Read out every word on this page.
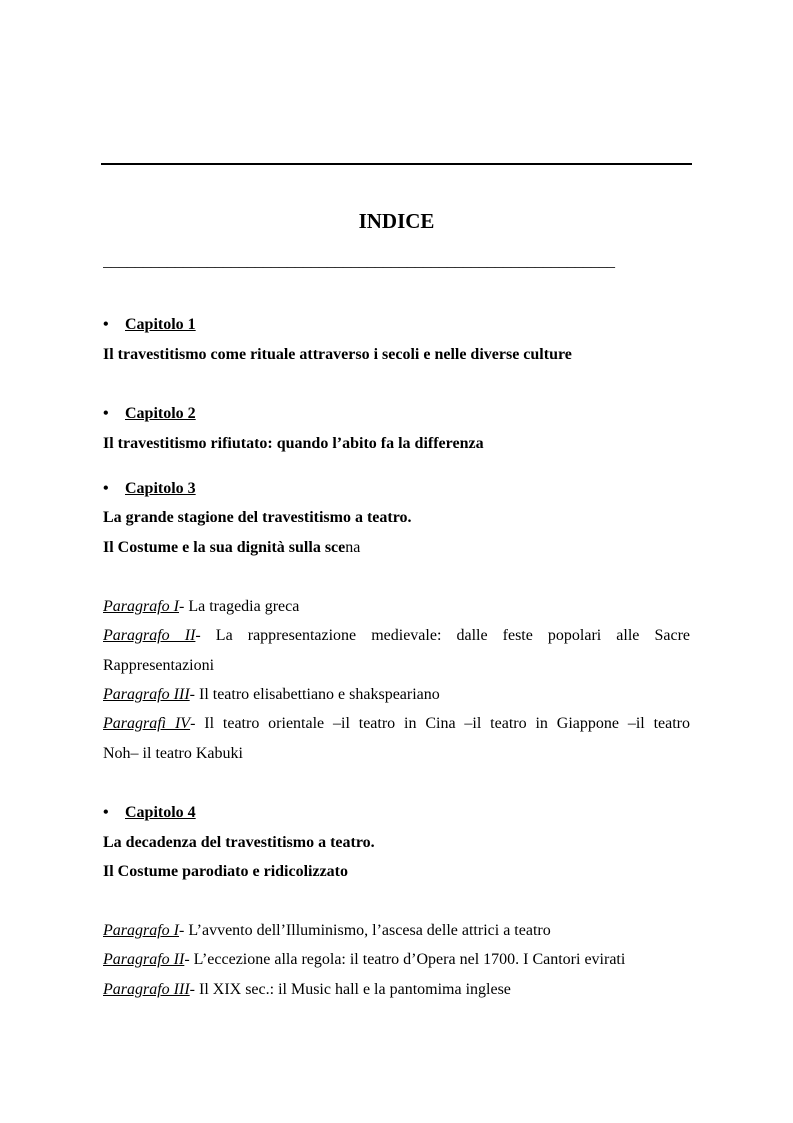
INDICE
________________________________________________________________
• Capitolo 1
Il travestitismo come rituale attraverso i secoli e nelle diverse culture
• Capitolo 2
Il travestitismo rifiutato: quando l’abito fa la differenza
• Capitolo 3
La grande stagione del travestitismo a teatro.
Il Costume e la sua dignità sulla scena
Paragrafo I- La tragedia greca
Paragrafo II- La rappresentazione medievale: dalle feste popolari alle Sacre
Rappresentazioni
Paragrafo III- Il teatro elisabettiano e shakspeariano
Paragrafì IV- Il teatro orientale –il teatro in Cina –il teatro in Giappone –il teatro
Noh– il teatro Kabuki
• Capitolo 4
La decadenza del travestitismo a teatro.
Il Costume parodiato e ridicolizzato
Paragrafo I- L’avvento dell’Illuminismo, l’ascesa delle attrici a teatro
Paragrafo II- L’eccezione alla regola: il teatro d’Opera nel 1700. I Cantori evirati
Paragrafo III- Il XIX sec.: il Music hall e la pantomima inglese
